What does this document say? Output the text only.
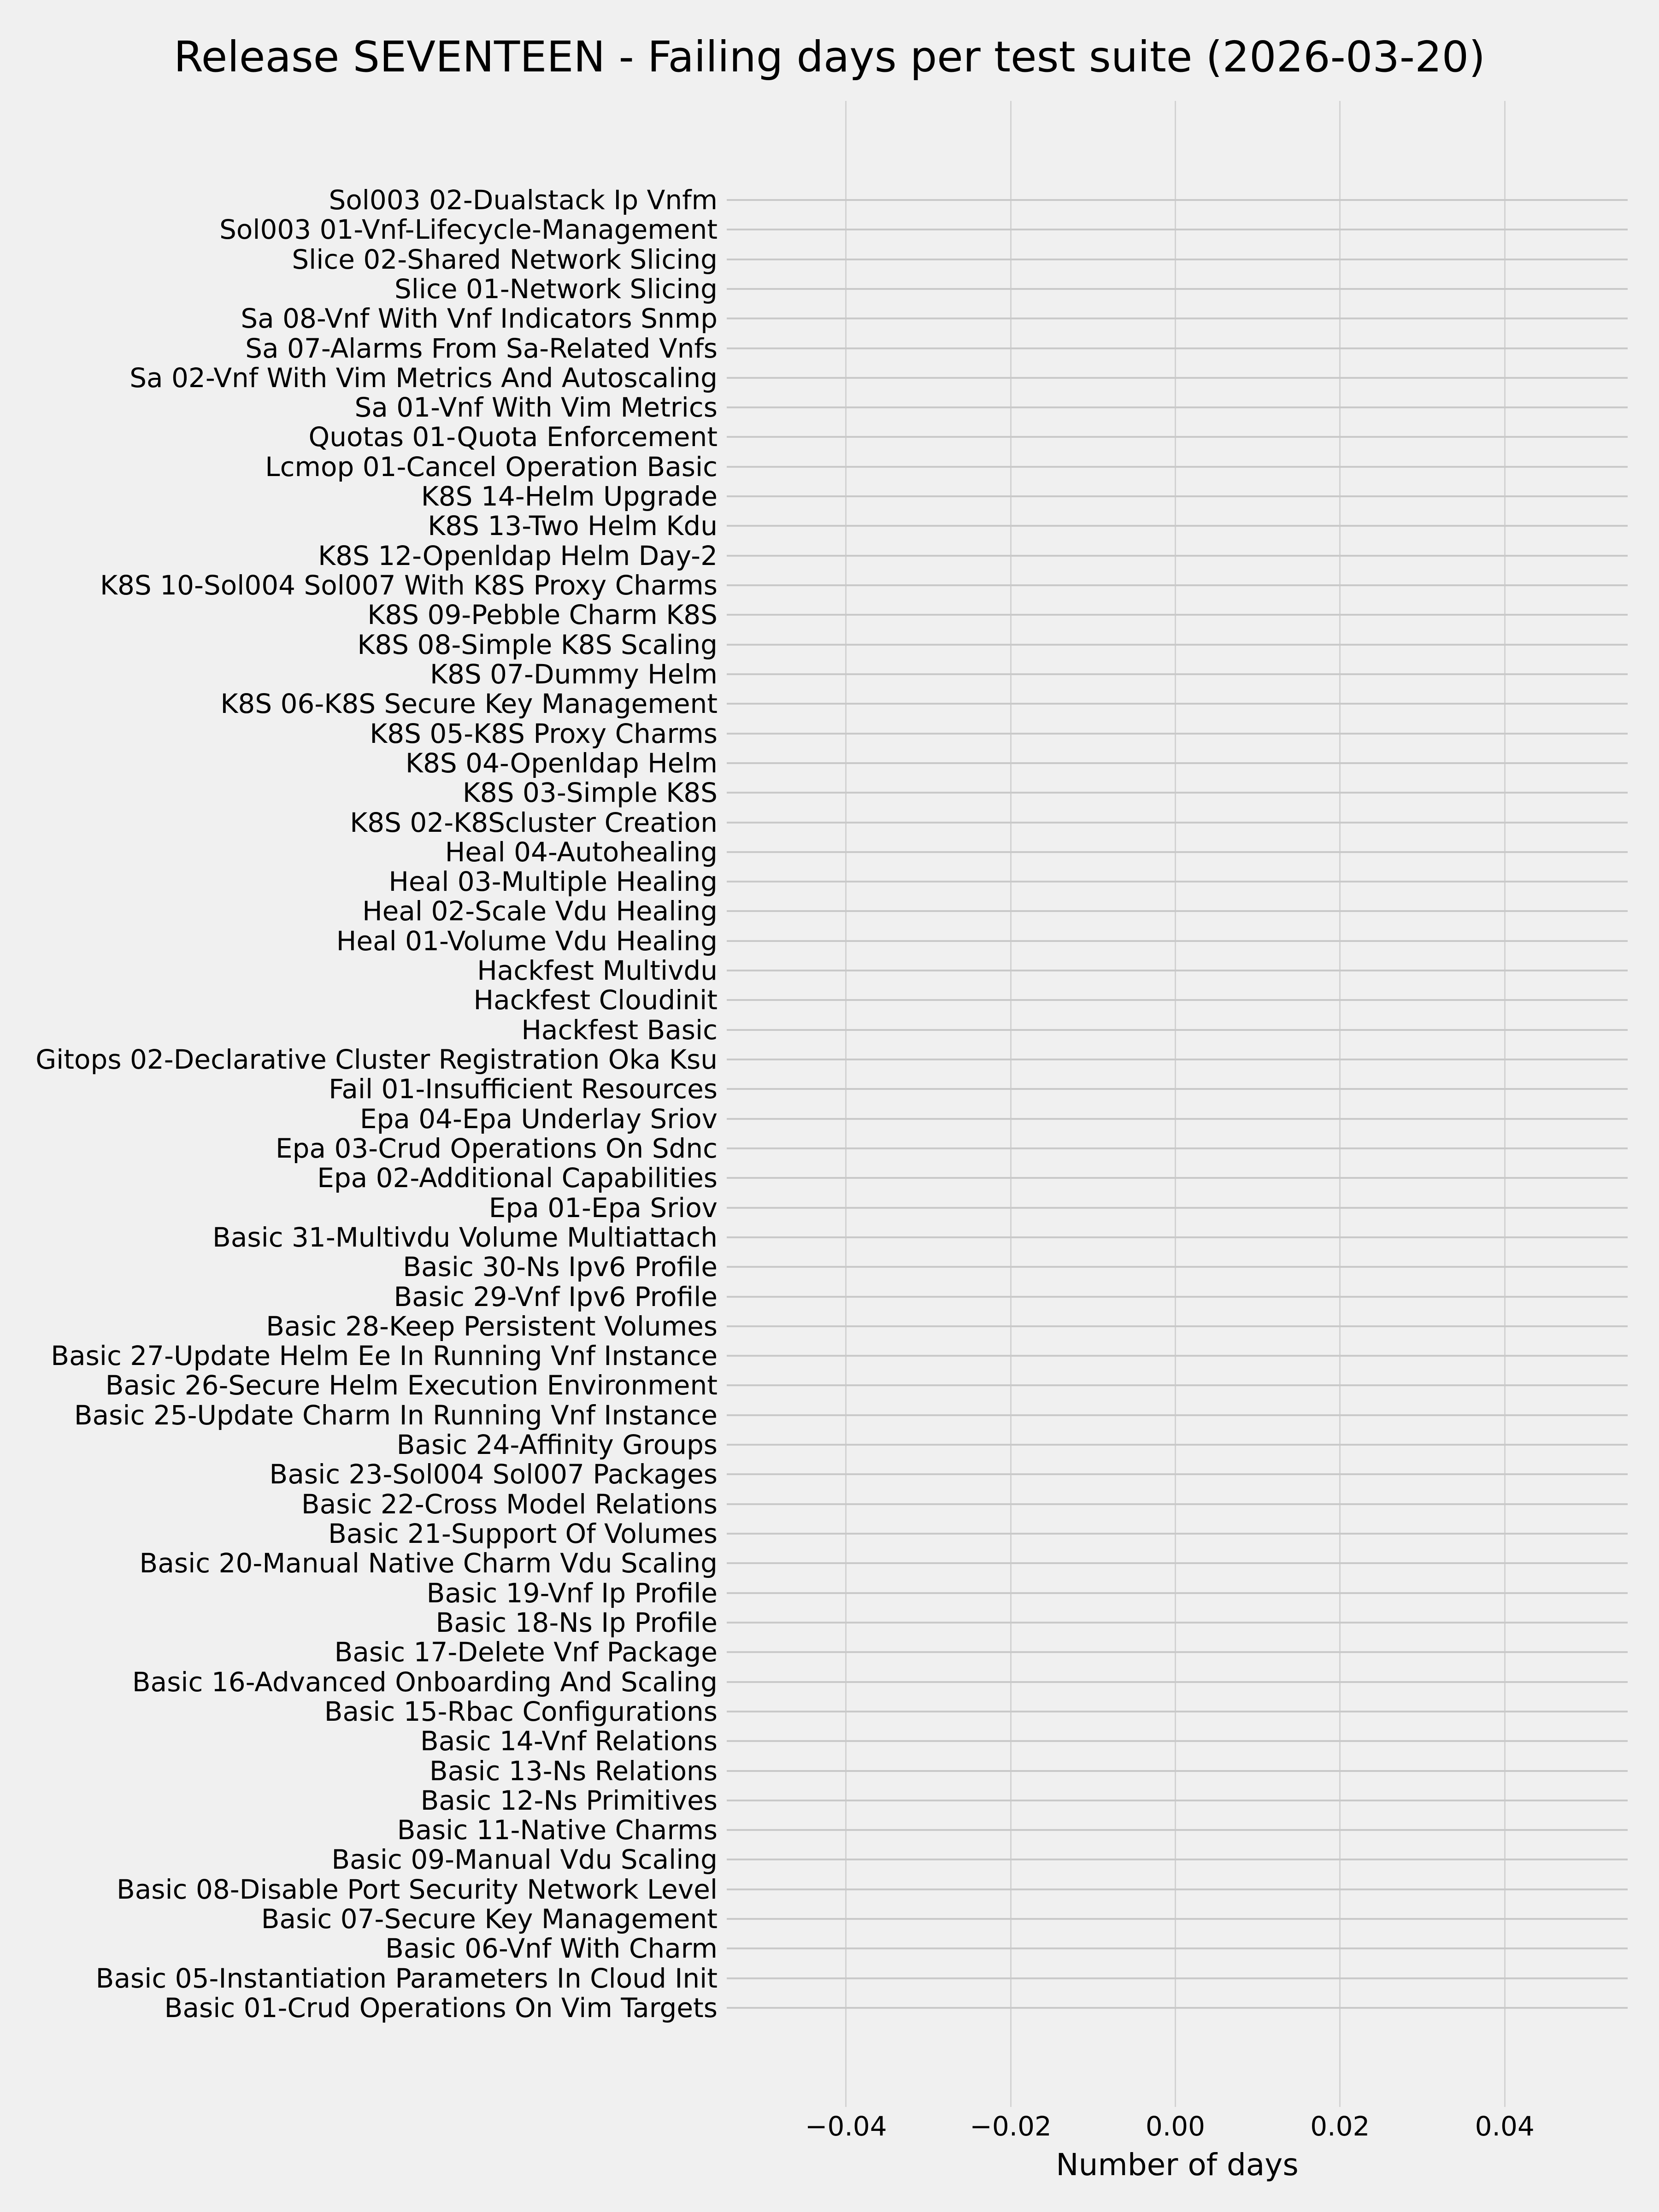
Release SEVENTEEN - Failing days per test suite (2026-03-20)
Sol003 02-Dualstack Ip Vnfm
Sol003 01-Vnf-Lifecycle-Management
Slice 02-Shared Network Slicing
Slice 01-Network Slicing
Sa 08-Vnf With Vnf Indicators Snmp
Sa 07-Alarms From Sa-Related Vnfs
Sa 02-Vnf With Vim Metrics And Autoscaling
Sa 01-Vnf With Vim Metrics
Quotas 01-Quota Enforcement
Lcmop 01-Cancel Operation Basic
K8S 14-Helm Upgrade
K8S 13-Two Helm Kdu
K8S 12-Openldap Helm Day-2
K8S 10-Sol004 Sol007 With K8S Proxy Charms
K8S 09-Pebble Charm K8S
K8S 08-Simple K8S Scaling
K8S 07-Dummy Helm
K8S 06-K8S Secure Key Management
K8S 05-K8S Proxy Charms
K8S 04-Openldap Helm
K8S 03-Simple K8S
K8S 02-K8Scluster Creation
Heal 04-Autohealing
Heal 03-Multiple Healing
Heal 02-Scale Vdu Healing
Heal 01-Volume Vdu Healing
Hackfest Multivdu
Hackfest Cloudinit
Hackfest Basic
Gitops 02-Declarative Cluster Registration Oka Ksu
Fail 01-Insufficient Resources
Epa 04-Epa Underlay Sriov
Epa 03-Crud Operations On Sdnc
Epa 02-Additional Capabilities
Epa 01-Epa Sriov
Basic 31-Multivdu Volume Multiattach
Basic 30-Ns Ipv6 Profile
Basic 29-Vnf Ipv6 Profile
Basic 28-Keep Persistent Volumes
Basic 27-Update Helm Ee In Running Vnf Instance
Basic 26-Secure Helm Execution Environment
Basic 25-Update Charm In Running Vnf Instance
Basic 24-Affinity Groups
Basic 23-Sol004 Sol007 Packages
Basic 22-Cross Model Relations
Basic 21-Support Of Volumes
Basic 20-Manual Native Charm Vdu Scaling
Basic 19-Vnf Ip Profile
Basic 18-Ns Ip Profile
Basic 17-Delete Vnf Package
Basic 16-Advanced Onboarding And Scaling
Basic 15-Rbac Configurations
Basic 14-Vnf Relations
Basic 13-Ns Relations
Basic 12-Ns Primitives
Basic 11-Native Charms
Basic 09-Manual Vdu Scaling
Basic 08-Disable Port Security Network Level
Basic 07-Secure Key Management
Basic 06-Vnf With Charm
Basic 05-Instantiation Parameters In Cloud Init
Basic 01-Crud Operations On Vim Targets
−0.04	−0.02	0.00	0.02	0.04
Number of days
